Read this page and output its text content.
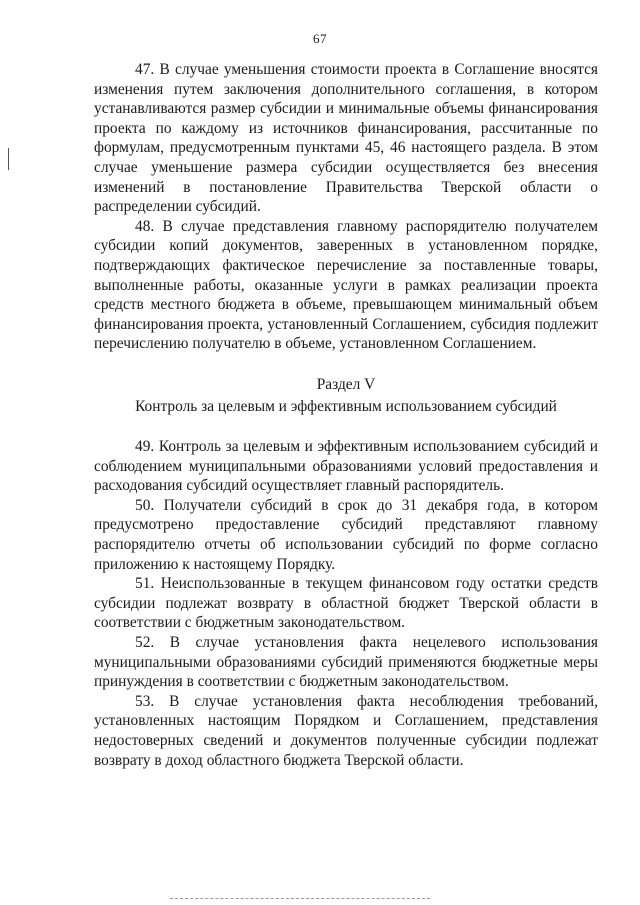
67

47. В случае уменьшения стоимости проекта в Соглашение вносятся изменения путем заключения дополнительного соглашения, в котором устанавливаются размер субсидии и минимальные объемы финансирования проекта по каждому из источников финансирования, рассчитанные по формулам, предусмотренным пунктами 45, 46 настоящего раздела. В этом случае уменьшение размера субсидии осуществляется без внесения изменений в постановление Правительства Тверской области о распределении субсидий.

48. В случае представления главному распорядителю получателем субсидии копий документов, заверенных в установленном порядке, подтверждающих фактическое перечисление за поставленные товары, выполненные работы, оказанные услуги в рамках реализации проекта средств местного бюджета в объеме, превышающем минимальный объем финансирования проекта, установленный Соглашением, субсидия подлежит перечислению получателю в объеме, установленном Соглашением.

Раздел V

Контроль за целевым и эффективным использованием субсидий

49. Контроль за целевым и эффективным использованием субсидий и соблюдением муниципальными образованиями условий предоставления и расходования субсидий осуществляет главный распорядитель.

50. Получатели субсидий в срок до 31 декабря года, в котором предусмотрено предоставление субсидий представляют главному распорядителю отчеты об использовании субсидий по форме согласно приложению к настоящему Порядку.

51. Неиспользованные в текущем финансовом году остатки средств субсидии подлежат возврату в областной бюджет Тверской области в соответствии с бюджетным законодательством.

52. В случае установления факта нецелевого использования муниципальными образованиями субсидий применяются бюджетные меры принуждения в соответствии с бюджетным законодательством.

53. В случае установления факта несоблюдения требований, установленных настоящим Порядком и Соглашением, представления недостоверных сведений и документов полученные субсидии подлежат возврату в доход областного бюджета Тверской области.
